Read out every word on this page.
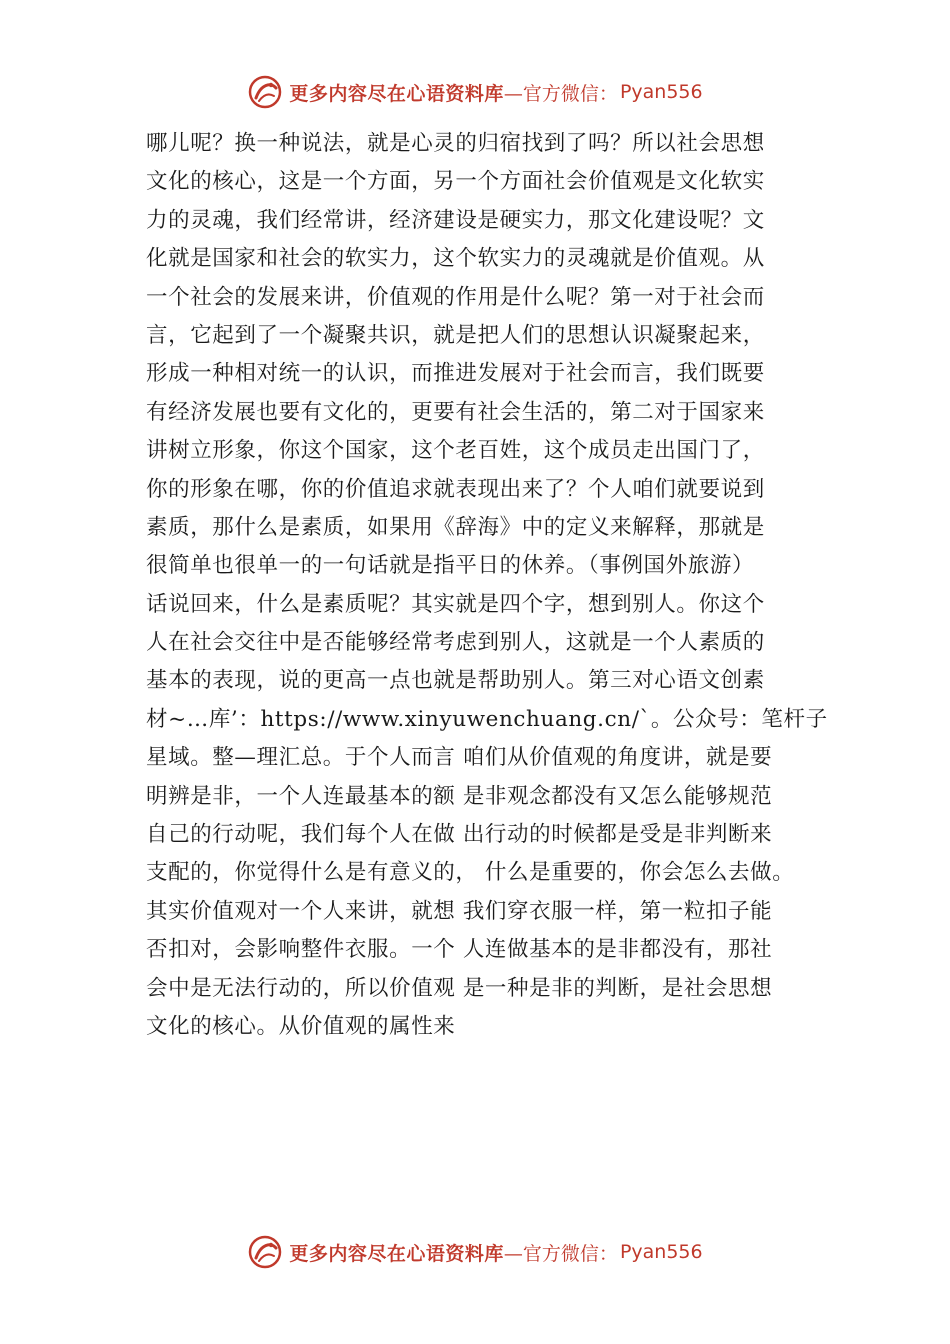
更多内容尽在心语资料库 —官方微信： Pyan556
哪儿呢？换一种说法，就是心灵的归宿找到了吗？所以社会思想
文化的核心，这是一个方面，另一个方面社会价值观是文化软实
力的灵魂，我们经常讲，经济建设是硬实力，那文化建设呢？文
化就是国家和社会的软实力，这个软实力的灵魂就是价值观。从
一个社会的发展来讲，价值观的作用是什么呢？第一对于社会而
言，它起到了一个凝聚共识，就是把人们的思想认识凝聚起来，
形成一种相对统一的认识，而推进发展对于社会而言，我们既要
有经济发展也要有文化的，更要有社会生活的，第二对于国家来
讲树立形象，你这个国家，这个老百姓，这个成员走出国门了，
你的形象在哪，你的价值追求就表现出来了？个人咱们就要说到
素质，那什么是素质，如果用《辞海》中的定义来解释，那就是
很简单也很单一的一句话就是指平日的休养。（事例国外旅游）
话说回来，什么是素质呢？其实就是四个字，想到别人。你这个
人在社会交往中是否能够经常考虑到别人，这就是一个人素质的
基本的表现，说的更高一点也就是帮助别人。第三对心语文创素
材~…库’：https://www.xinyuwenchuang.cn/`。公众号：笔杆子
星域。整—理汇总。于个人而言 咱们从价值观的角度讲，就是要
明辨是非，一个人连最基本的额 是非观念都没有又怎么能够规范
自己的行动呢，我们每个人在做 出行动的时候都是受是非判断来
支配的，你觉得什么是有意义的， 什么是重要的，你会怎么去做。
其实价值观对一个人来讲，就想 我们穿衣服一样，第一粒扣子能
否扣对，会影响整件衣服。一个 人连做基本的是非都没有，那社
会中是无法行动的，所以价值观 是一种是非的判断，是社会思想
文化的核心。从价值观的属性来
更多内容尽在心语资料库 —官方微信： Pyan556
